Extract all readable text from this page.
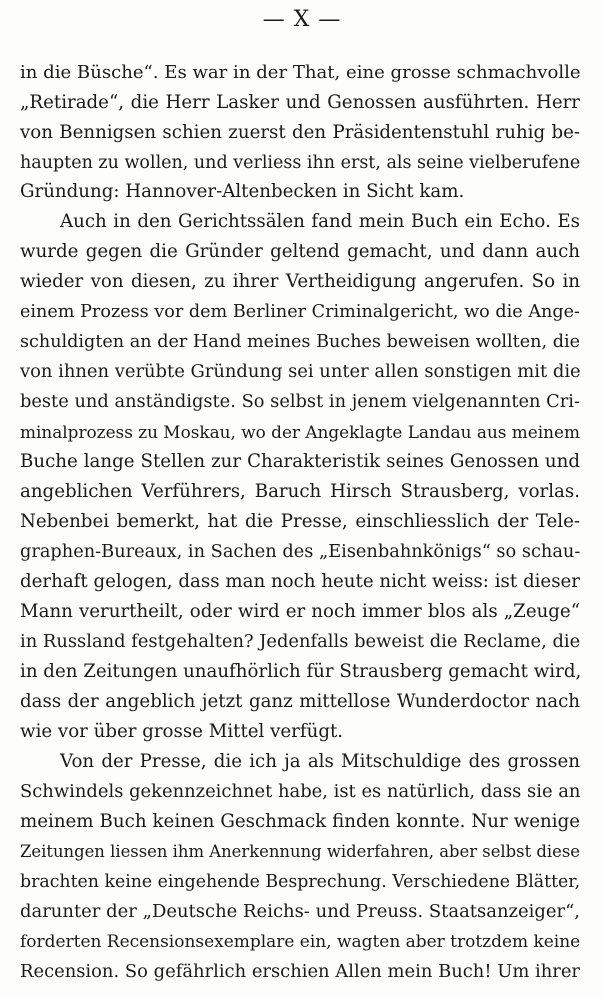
— X —
in die Büsche“. Es war in der That, eine grosse schmachvolle
„Retirade“, die Herr Lasker und Genossen ausführten. Herr
von Bennigsen schien zuerst den Präsidentenstuhl ruhig be-
haupten zu wollen, und verliess ihn erst, als seine vielberufene
Gründung: Hannover-Altenbecken in Sicht kam.
Auch in den Gerichtssälen fand mein Buch ein Echo. Es
wurde gegen die Gründer geltend gemacht, und dann auch
wieder von diesen, zu ihrer Vertheidigung angerufen. So in
einem Prozess vor dem Berliner Criminalgericht, wo die Ange-
schuldigten an der Hand meines Buches beweisen wollten, die
von ihnen verübte Gründung sei unter allen sonstigen mit die
beste und anständigste. So selbst in jenem vielgenannten Cri-
minalprozess zu Moskau, wo der Angeklagte Landau aus meinem
Buche lange Stellen zur Charakteristik seines Genossen und
angeblichen Verführers, Baruch Hirsch Strausberg, vorlas.
Nebenbei bemerkt, hat die Presse, einschliesslich der Tele-
graphen-Bureaux, in Sachen des „Eisenbahnkönigs“ so schau-
derhaft gelogen, dass man noch heute nicht weiss: ist dieser
Mann verurtheilt, oder wird er noch immer blos als „Zeuge“
in Russland festgehalten? Jedenfalls beweist die Reclame, die
in den Zeitungen unaufhörlich für Strausberg gemacht wird,
dass der angeblich jetzt ganz mittellose Wunderdoctor nach
wie vor über grosse Mittel verfügt.
Von der Presse, die ich ja als Mitschuldige des grossen
Schwindels gekennzeichnet habe, ist es natürlich, dass sie an
meinem Buch keinen Geschmack finden konnte. Nur wenige
Zeitungen liessen ihm Anerkennung widerfahren, aber selbst diese
brachten keine eingehende Besprechung. Verschiedene Blätter,
darunter der „Deutsche Reichs- und Preuss. Staatsanzeiger“,
forderten Recensionsexemplare ein, wagten aber trotzdem keine
Recension. So gefährlich erschien Allen mein Buch! Um ihrer
